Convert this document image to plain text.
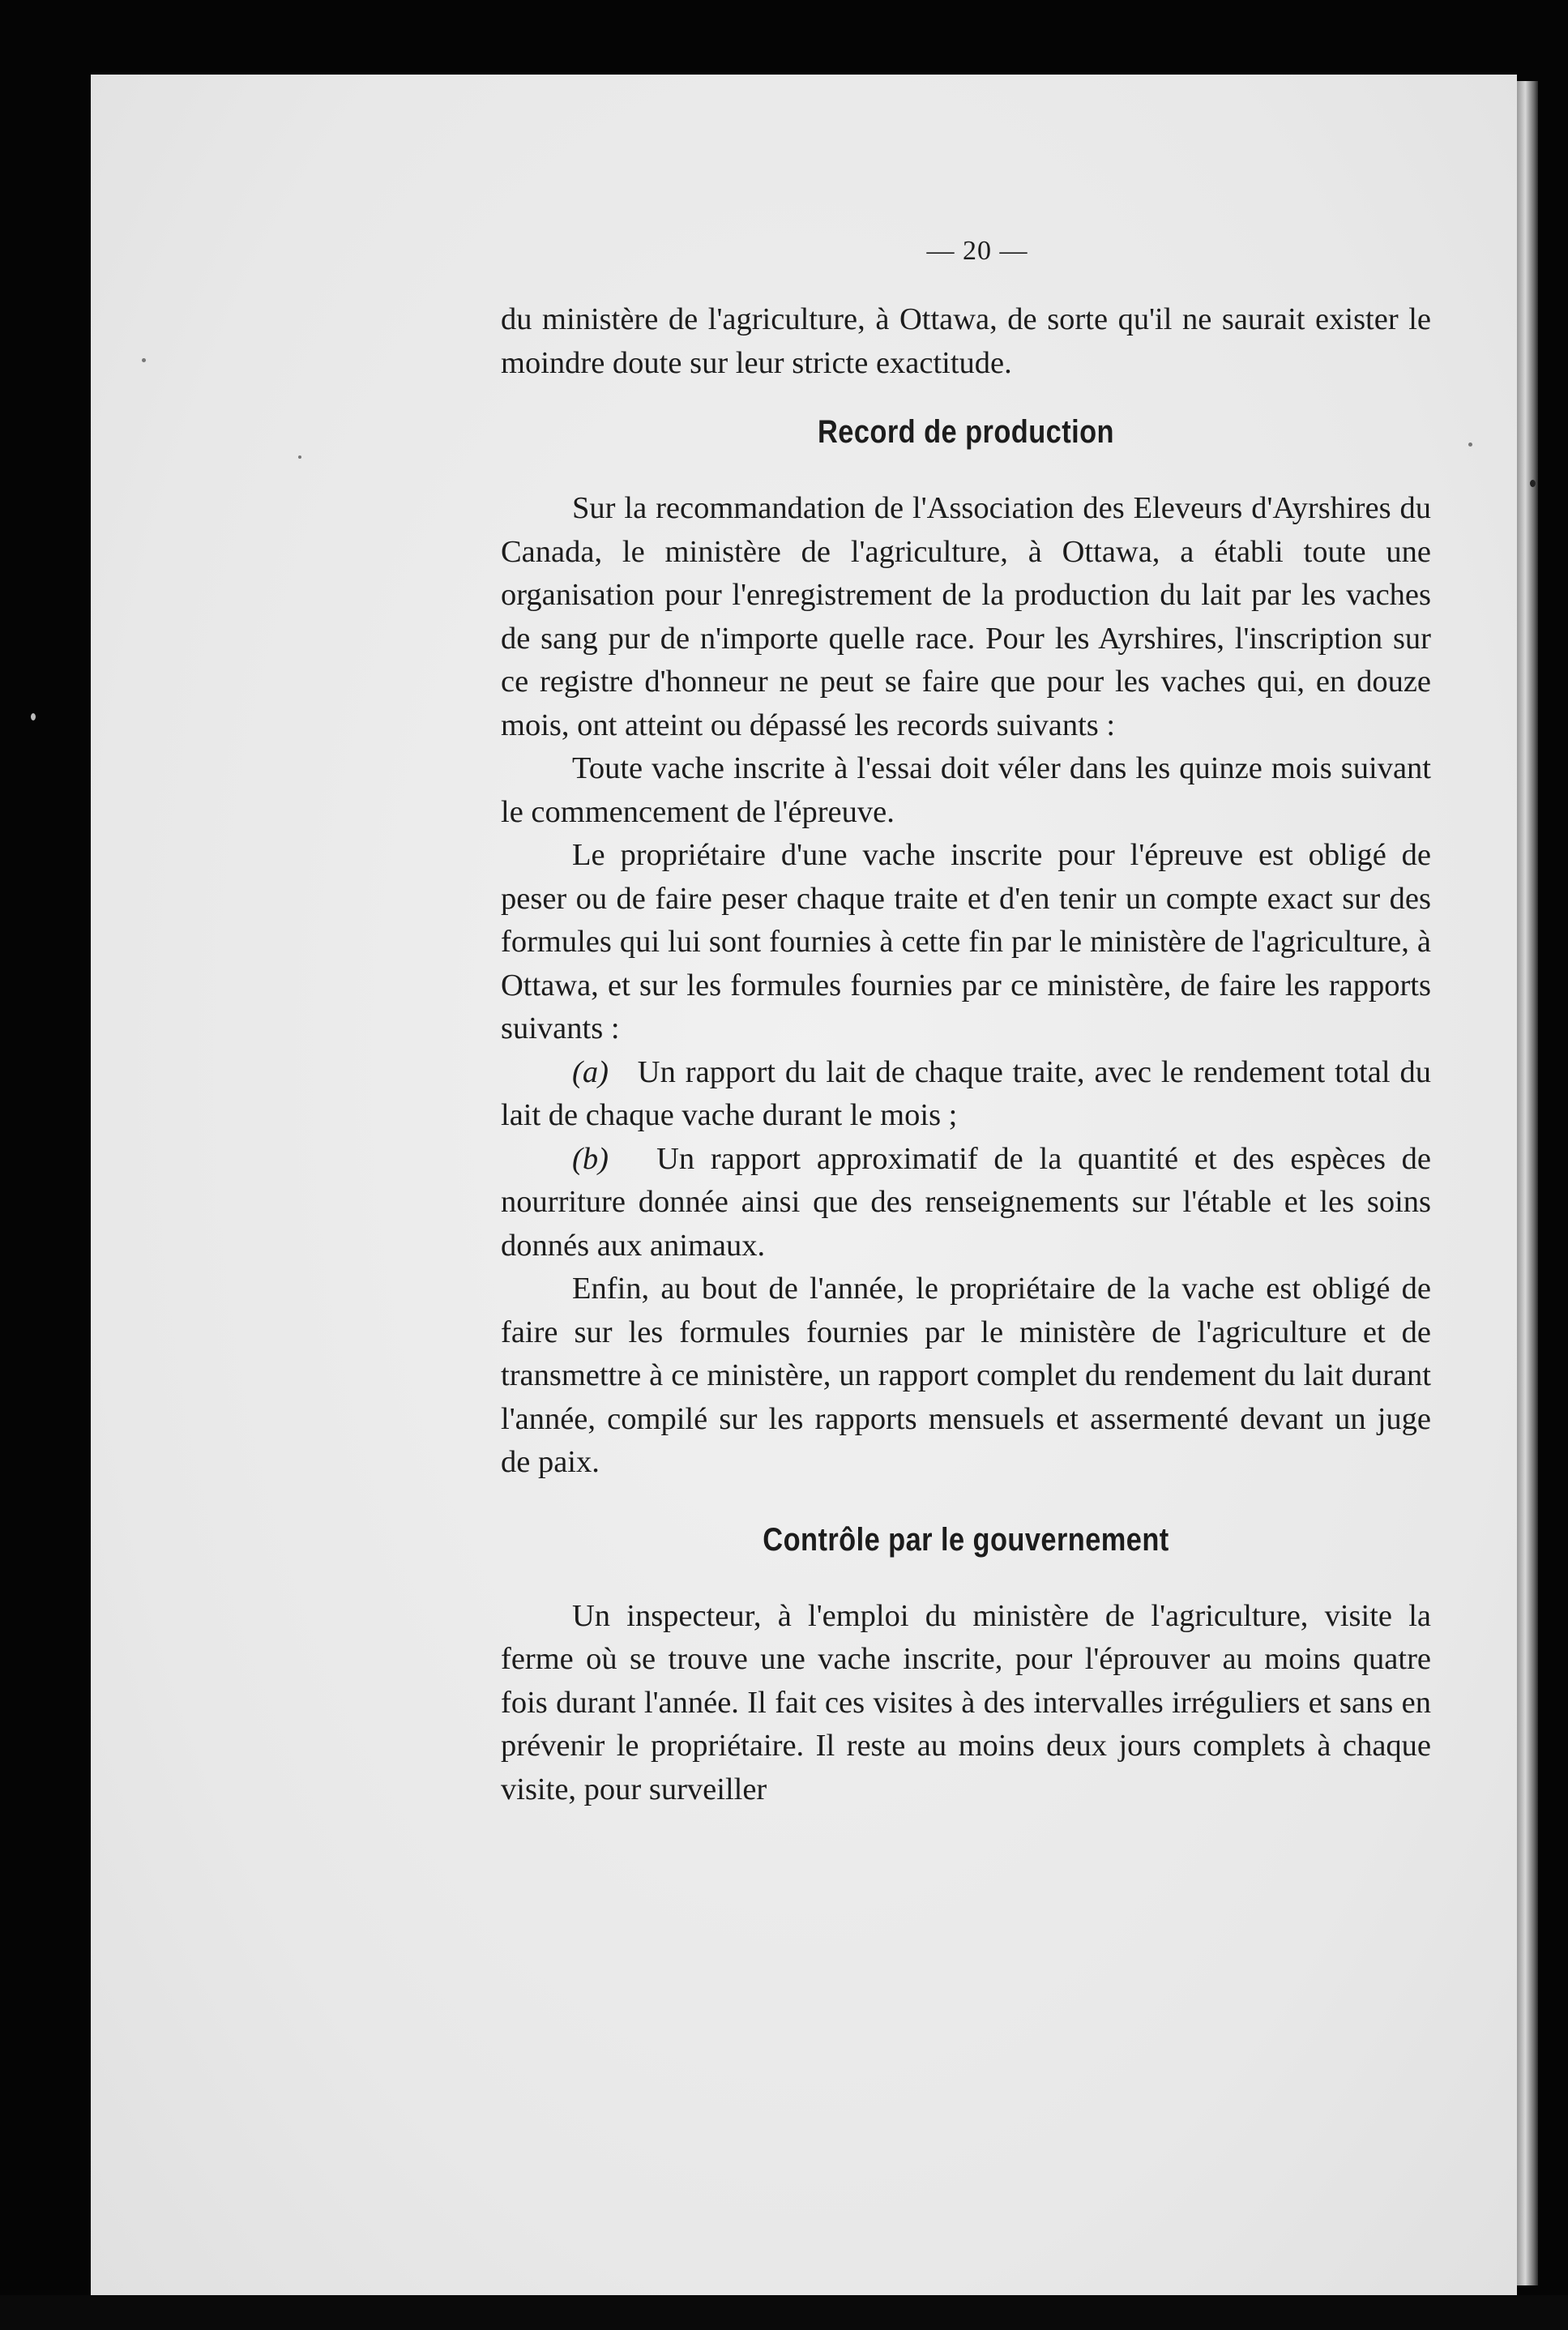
— 20 —

du ministère de l'agriculture, à Ottawa, de sorte qu'il ne saurait exister le moindre doute sur leur stricte exactitude.

Record de production

Sur la recommandation de l'Association des Eleveurs d'Ayrshires du Canada, le ministère de l'agriculture, à Ottawa, a établi toute une organisation pour l'enregistrement de la production du lait par les vaches de sang pur de n'importe quelle race. Pour les Ayrshires, l'inscription sur ce registre d'honneur ne peut se faire que pour les vaches qui, en douze mois, ont atteint ou dépassé les records suivants :

Toute vache inscrite à l'essai doit véler dans les quinze mois suivant le commencement de l'épreuve.

Le propriétaire d'une vache inscrite pour l'épreuve est obligé de peser ou de faire peser chaque traite et d'en tenir un compte exact sur des formules qui lui sont fournies à cette fin par le ministère de l'agriculture, à Ottawa, et sur les formules fournies par ce ministère, de faire les rapports suivants :

(a) Un rapport du lait de chaque traite, avec le rendement total du lait de chaque vache durant le mois ;

(b) Un rapport approximatif de la quantité et des espèces de nourriture donnée ainsi que des renseignements sur l'étable et les soins donnés aux animaux.

Enfin, au bout de l'année, le propriétaire de la vache est obligé de faire sur les formules fournies par le ministère de l'agriculture et de transmettre à ce ministère, un rapport complet du rendement du lait durant l'année, compilé sur les rapports mensuels et assermenté devant un juge de paix.

Contrôle par le gouvernement

Un inspecteur, à l'emploi du ministère de l'agriculture, visite la ferme où se trouve une vache inscrite, pour l'éprouver au moins quatre fois durant l'année. Il fait ces visites à des intervalles irréguliers et sans en prévenir le propriétaire. Il reste au moins deux jours complets à chaque visite, pour surveiller
